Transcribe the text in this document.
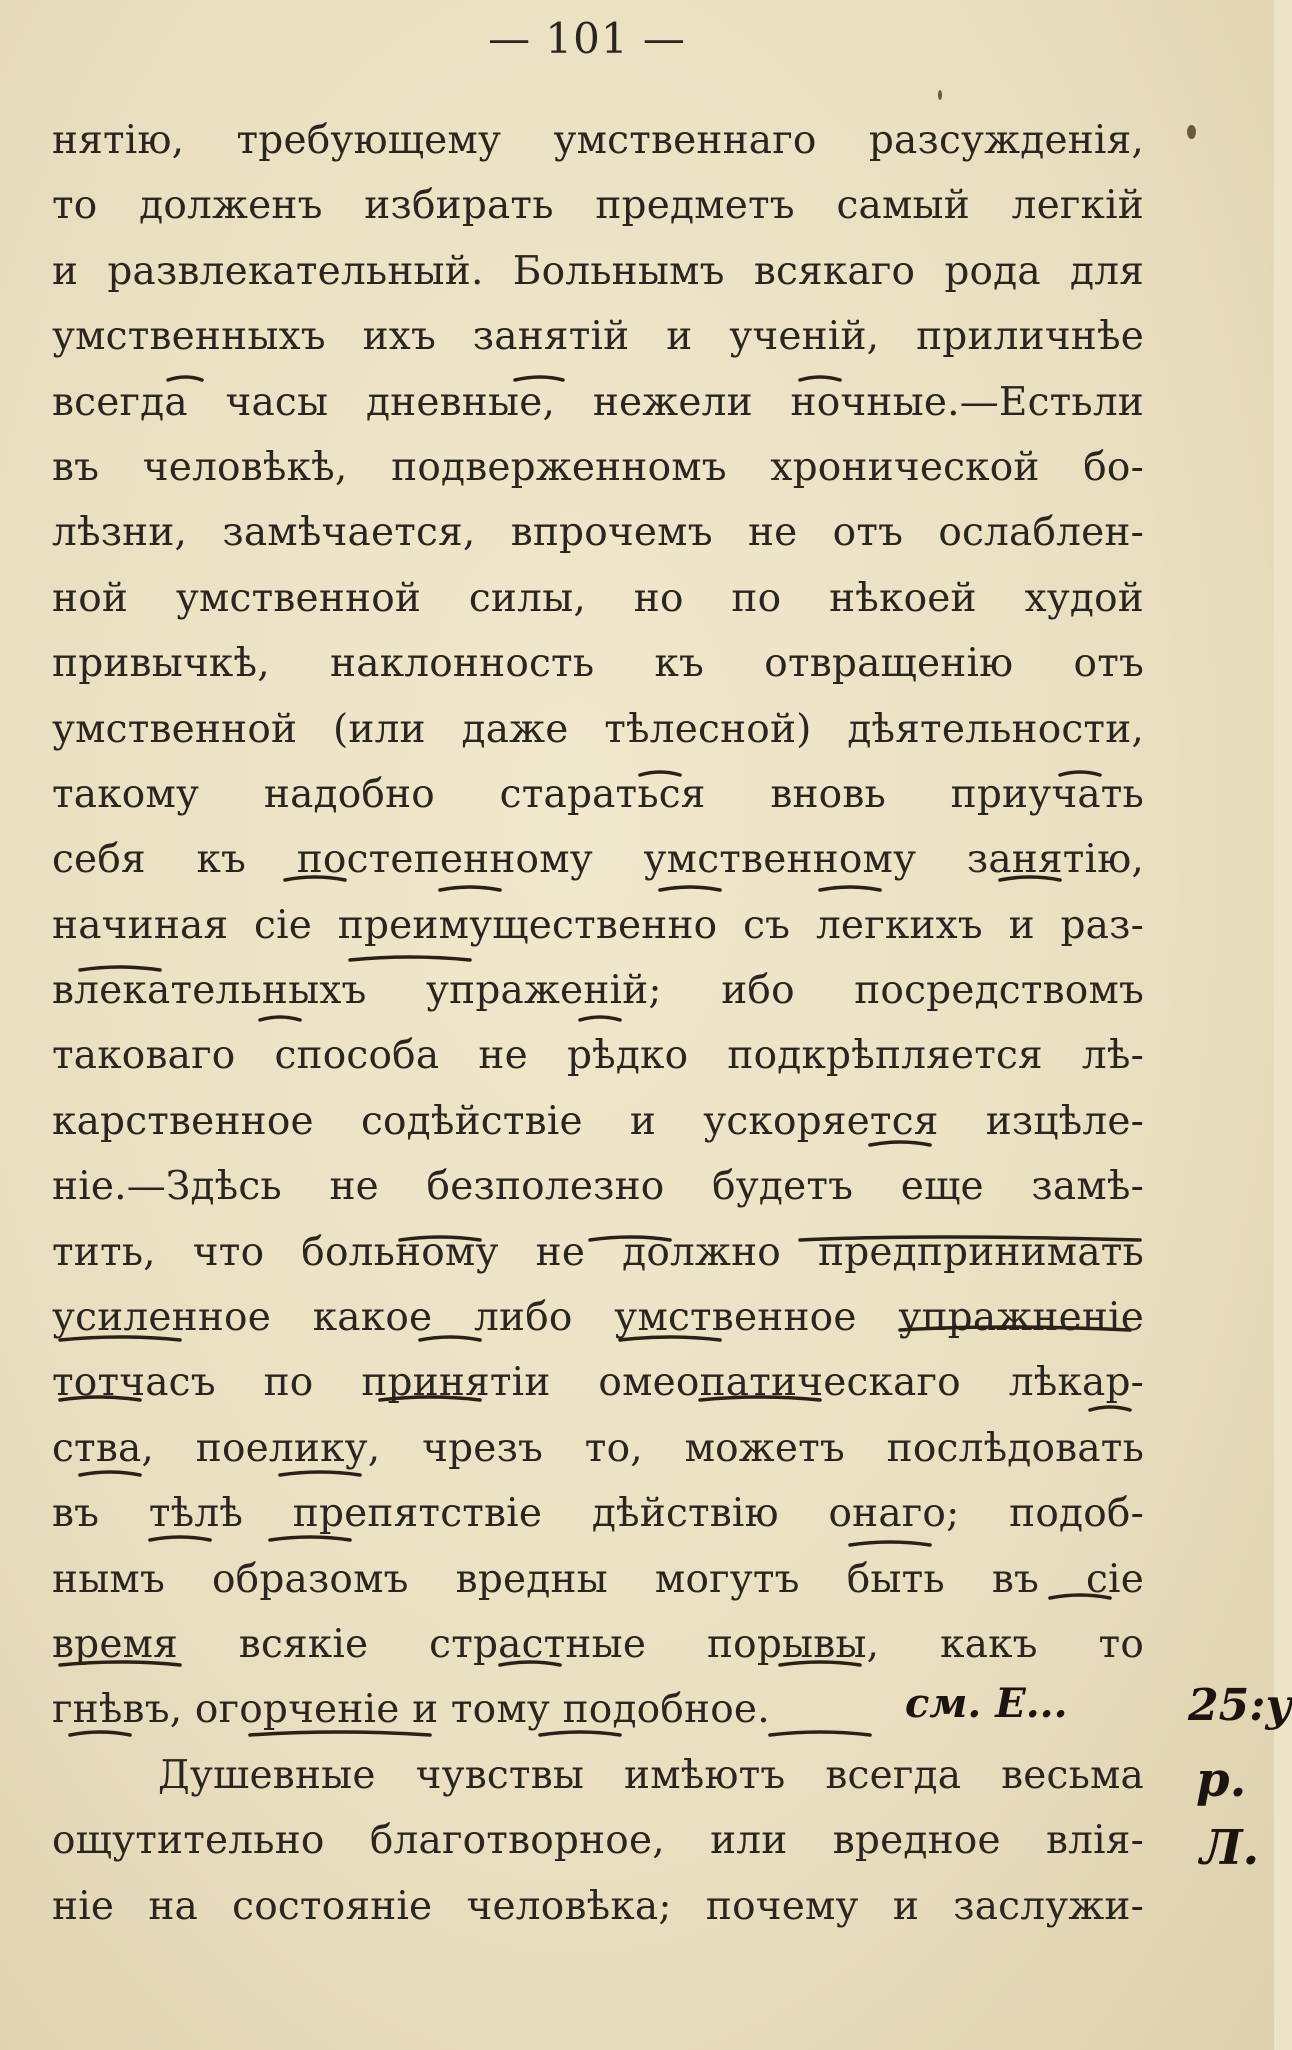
— 101 —
нятію, требующему умственнаго разсужденія,
то долженъ избирать предметъ самый легкій
и развлекательный. Больнымъ всякаго рода для
умственныхъ ихъ занятій и ученій, приличнѣе
всегда часы дневные, нежели ночные.—Естьли
въ человѣкѣ, подверженномъ хронической бо-
лѣзни, замѣчается, впрочемъ не отъ ослаблен-
ной умственной силы, но по нѣкоей худой
привычкѣ, наклонность къ отвращенію отъ
умственной (или даже тѣлесной) дѣятельности,
такому надобно стараться вновь приучать
себя къ постепенному умственному занятію,
начиная сіе преимущественно съ легкихъ и раз-
влекательныхъ упраженій; ибо посредствомъ
таковаго способа не рѣдко подкрѣпляется лѣ-
карственное содѣйствіе и ускоряется изцѣле-
ніе.—Здѣсь не безполезно будетъ еще замѣ-
тить, что больному не должно предпринимать
усиленное какое либо умственное упражненіе
тотчасъ по принятіи омеопатическаго лѣкар-
ства, поелику, чрезъ то, можетъ послѣдовать
въ тѣлѣ препятствіе дѣйствію онаго; подоб-
нымъ образомъ вредны могутъ быть въ сіе
время всякіе страстные порывы, какъ то
гнѣвъ, огорченіе и тому подобное.
Душевные чувствы имѣютъ всегда весьма
ощутительно благотворное, или вредное влія-
ніе на состояніе человѣка; почему и заслужи-
см. Е...	25:у
р.
Л.
